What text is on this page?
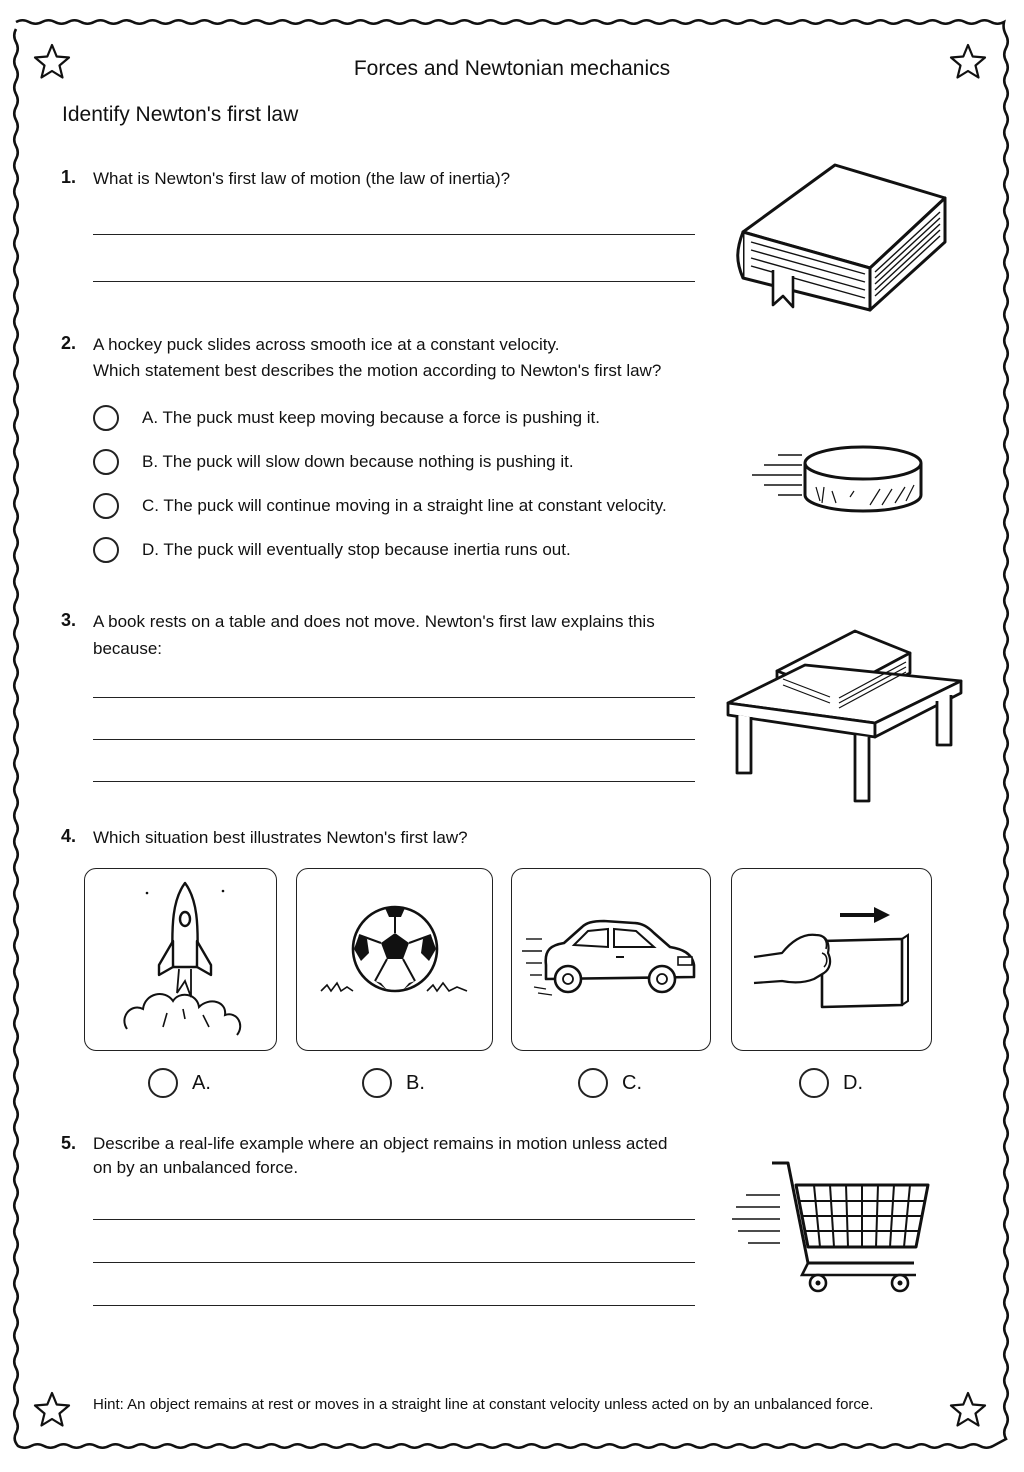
Forces and Newtonian mechanics
Identify Newton's first law
1. What is Newton's first law of motion (the law of inertia)?
2. A hockey puck slides across smooth ice at a constant velocity.
Which statement best describes the motion according to Newton's first law?
A. The puck must keep moving because a force is pushing it.
B. The puck will slow down because nothing is pushing it.
C. The puck will continue moving in a straight line at constant velocity.
D. The puck will eventually stop because inertia runs out.
3. A book rests on a table and does not move. Newton's first law explains this
because:
4. Which situation best illustrates Newton's first law?
A.	B.	C.	D.
5. Describe a real-life example where an object remains in motion unless acted
on by an unbalanced force.
Hint: An object remains at rest or moves in a straight line at constant velocity unless acted on by an unbalanced force.
